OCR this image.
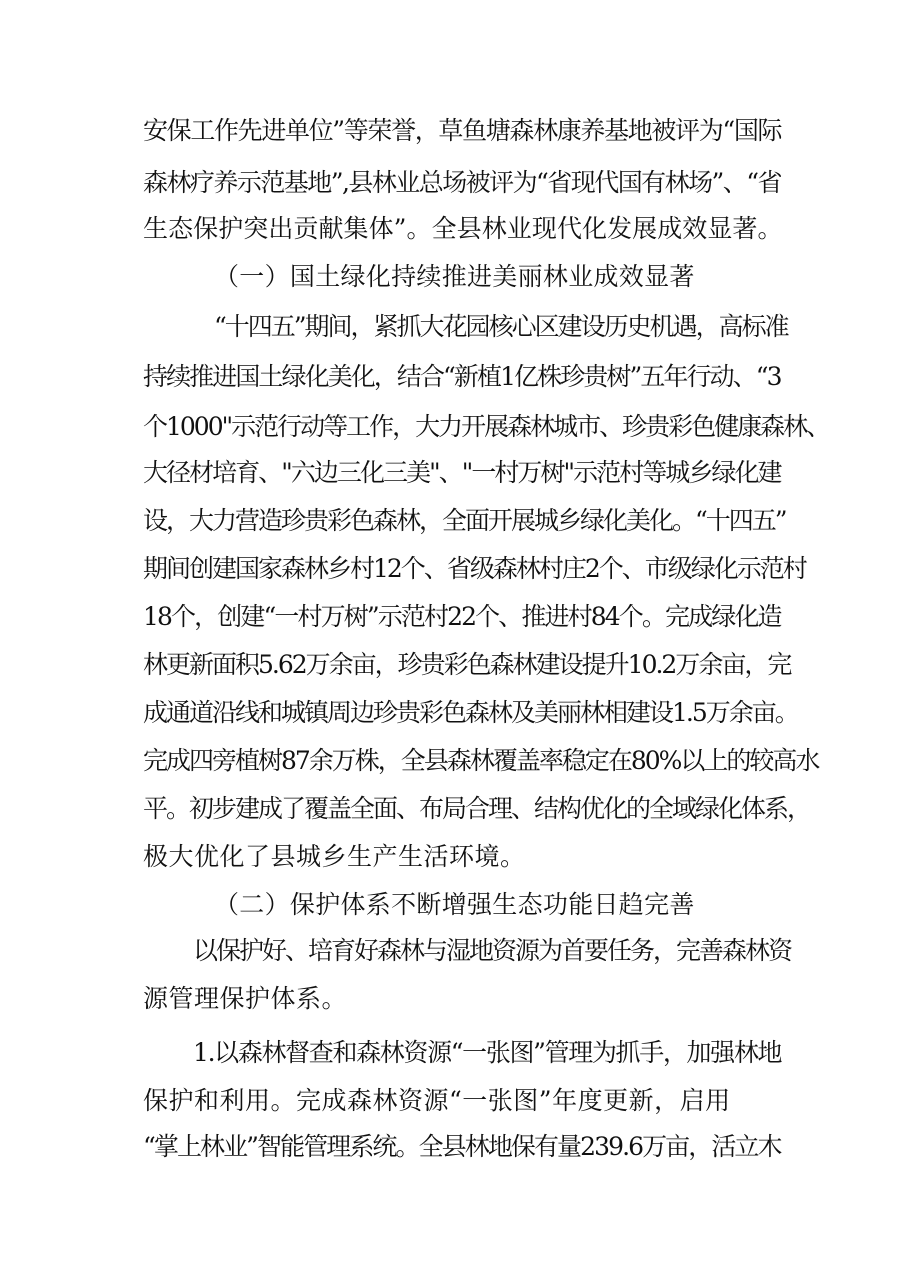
安保工作先进单位”等荣誉，草鱼塘森林康养基地被评为“国际

森林疗养示范基地”,县林业总场被评为“省现代国有林场”、“省

生态保护突出贡献集体”。全县林业现代化发展成效显著。

（一）国土绿化持续推进美丽林业成效显著

“十四五”期间，紧抓大花园核心区建设历史机遇，高标准

持续推进国土绿化美化，结合“新植1亿株珍贵树”五年行动、“3

个1000"示范行动等工作，大力开展森林城市、珍贵彩色健康森林、

大径材培育、"六边三化三美"、"一村万树"示范村等城乡绿化建

设，大力营造珍贵彩色森林，全面开展城乡绿化美化。“十四五”

期间创建国家森林乡村12个、省级森林村庄2个、市级绿化示范村

18个，创建“一村万树”示范村22个、推进村84个。完成绿化造

林更新面积5.62万余亩，珍贵彩色森林建设提升10.2万余亩，完

成通道沿线和城镇周边珍贵彩色森林及美丽林相建设1.5万余亩。

完成四旁植树87余万株，全县森林覆盖率稳定在80%以上的较高水

平。初步建成了覆盖全面、布局合理、结构优化的全域绿化体系，

极大优化了县城乡生产生活环境。

（二）保护体系不断增强生态功能日趋完善

以保护好、培育好森林与湿地资源为首要任务，完善森林资

源管理保护体系。

1.以森林督查和森林资源“一张图”管理为抓手，加强林地

保护和利用。完成森林资源“一张图”年度更新，启用

“掌上林业”智能管理系统。全县林地保有量239.6万亩，活立木
